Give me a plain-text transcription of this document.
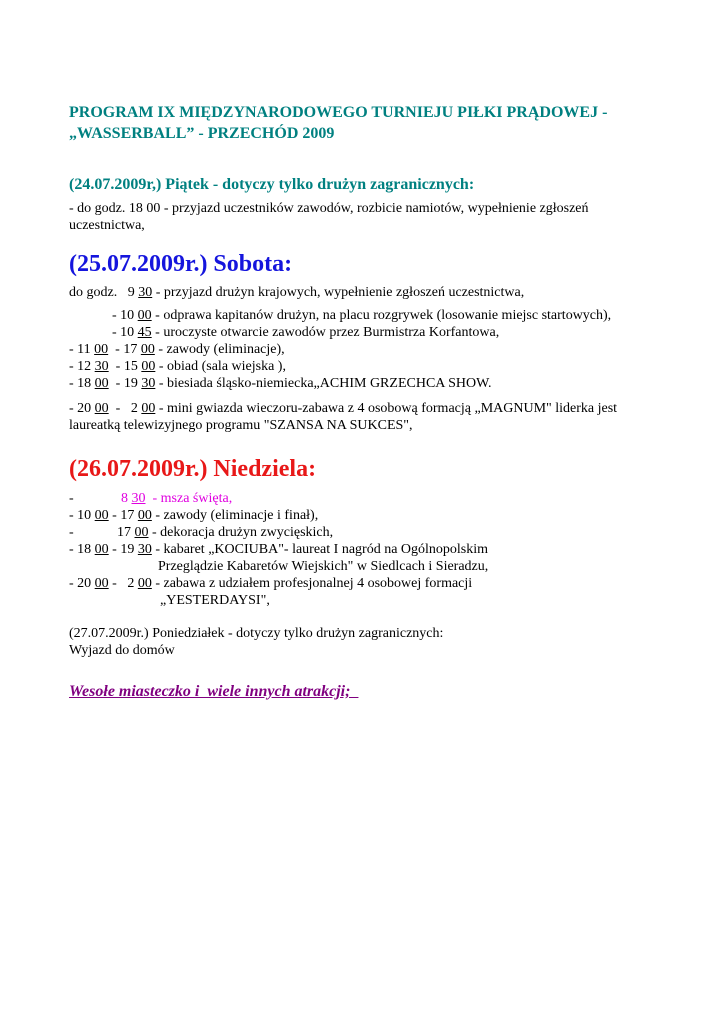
PROGRAM IX MIĘDZYNARODOWEGO TURNIEJU PIŁKI PRĄDOWEJ -
„WASSERBALL” - PRZECHÓD 2009
(24.07.2009r,) Piątek - dotyczy tylko drużyn zagranicznych:
- do godz. 18 00 - przyjazd uczestników zawodów, rozbicie namiotów, wypełnienie zgłoszeń
uczestnictwa,
(25.07.2009r.) Sobota:
do godz.   9 30 - przyjazd drużyn krajowych, wypełnienie zgłoszeń uczestnictwa,
- 10 00 - odprawa kapitanów drużyn, na placu rozgrywek (losowanie miejsc startowych),
- 10 45 - uroczyste otwarcie zawodów przez Burmistrza Korfantowa,
- 11 00  - 17 00 - zawody (eliminacje),
- 12 30  - 15 00 - obiad (sala wiejska ),
- 18 00  - 19 30 - biesiada śląsko-niemiecka„ACHIM GRZECHCA SHOW.
- 20 00  -   2 00 - mini gwiazda wieczoru-zabawa z 4 osobową formacją „MAGNUM" liderka jest
laureatką telewizyjnego programu "SZANSA NA SUKCES",
(26.07.2009r.) Niedziela:
-	8 30  - msza święta,
- 10 00 - 17 00 - zawody (eliminacje i finał),
-	17 00 - dekoracja drużyn zwycięskich,
- 18 00 - 19 30 - kabaret „KOCIUBA"- laureat I nagród na Ogólnopolskim
Przeglądzie Kabaretów Wiejskich" w Siedlcach i Sieradzu,
- 20 00 -   2 00 - zabawa z udziałem profesjonalnej 4 osobowej formacji
„YESTERDAYSI",
(27.07.2009r.) Poniedziałek - dotyczy tylko drużyn zagranicznych:
Wyjazd do domów
Wesołe miasteczko i  wiele innych atrakcji;
